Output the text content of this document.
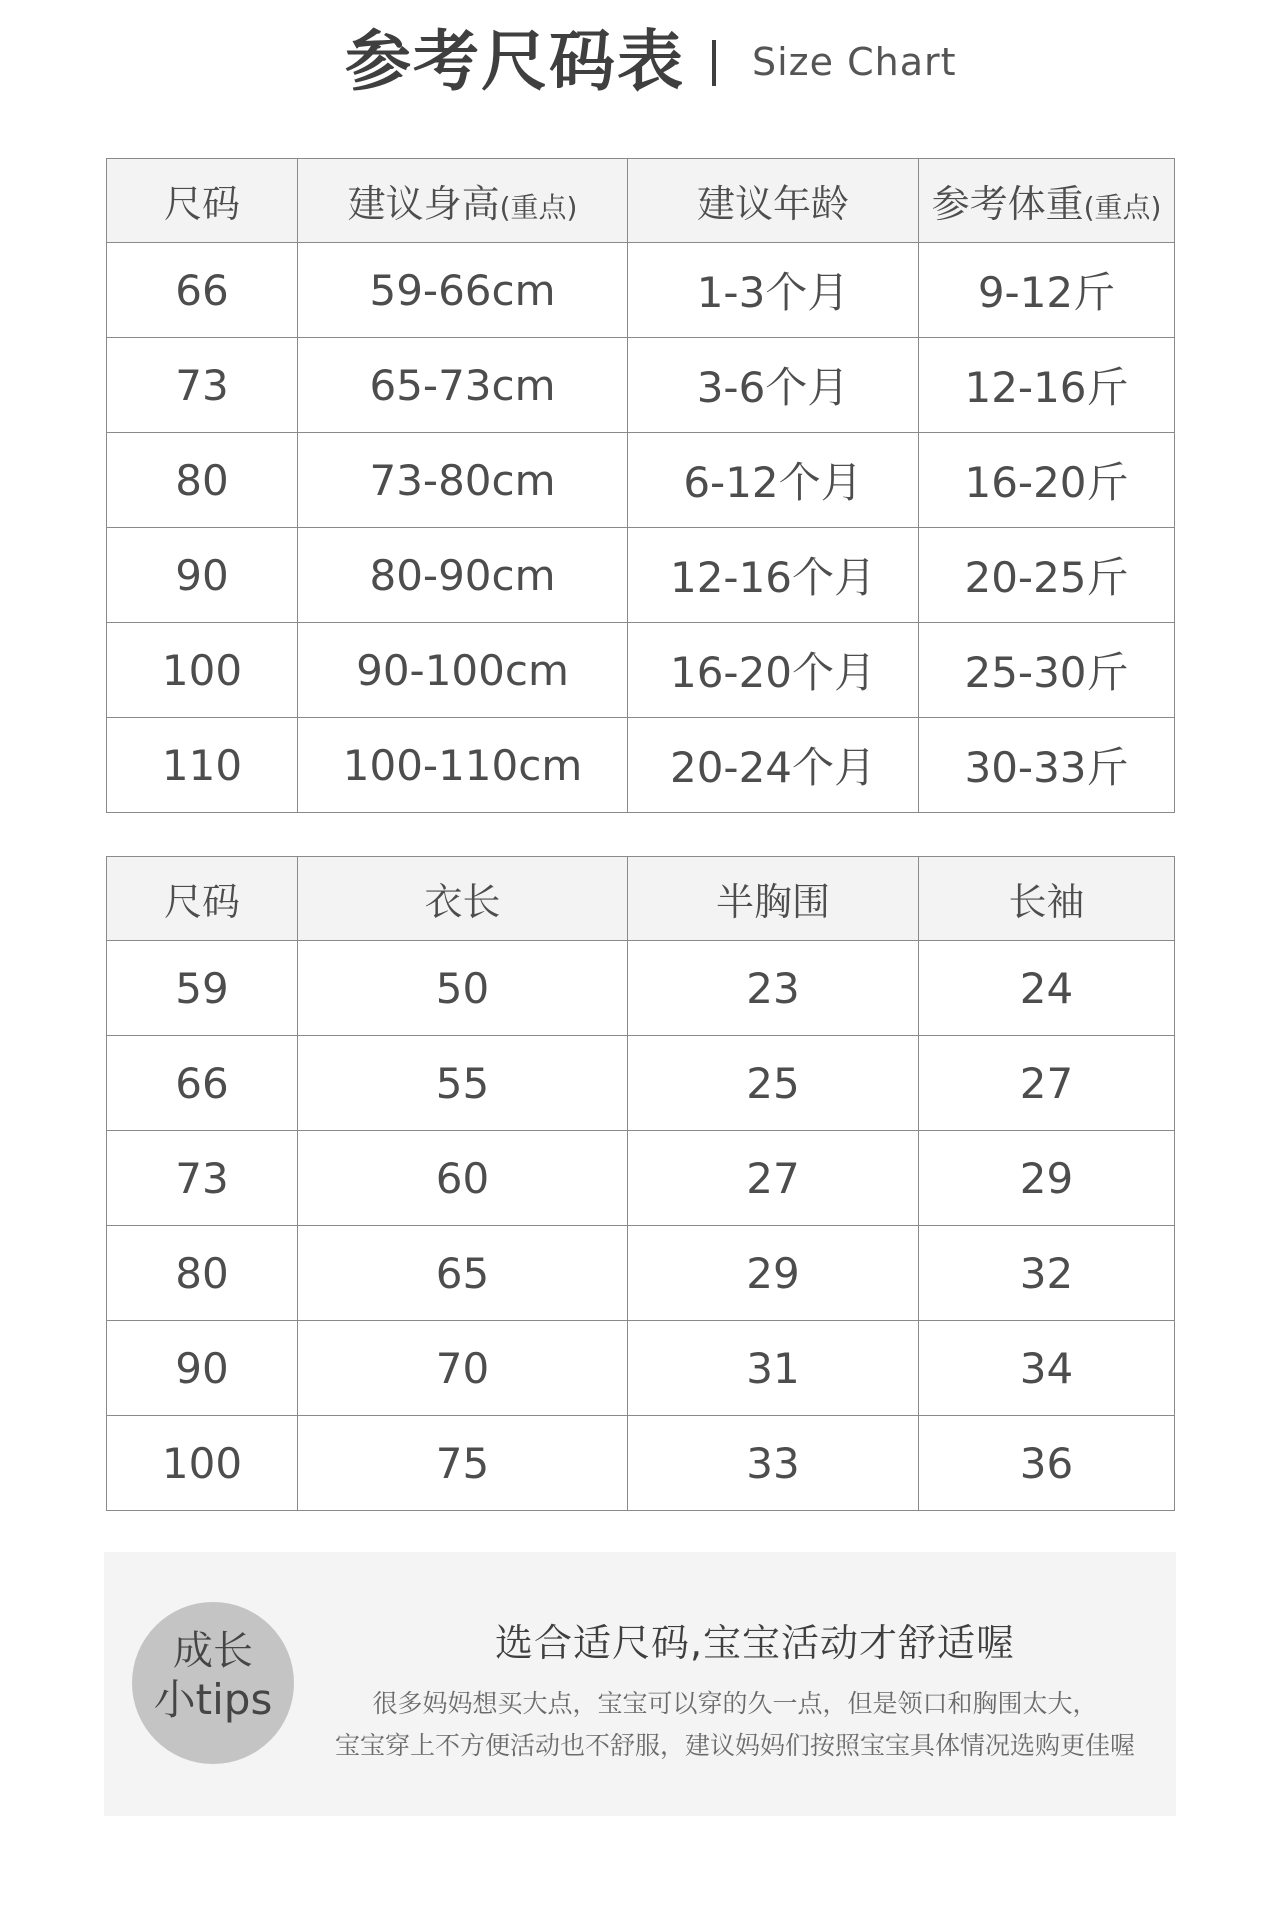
参考尺码表 Size Chart
尺码	建议身高(重点)	建议年龄	参考体重(重点)
66	59-66cm	1-3个月	9-12斤
73	65-73cm	3-6个月	12-16斤
80	73-80cm	6-12个月	16-20斤
90	80-90cm	12-16个月	20-25斤
100	90-100cm	16-20个月	25-30斤
110	100-110cm	20-24个月	30-33斤
尺码	衣长	半胸围	长袖
59	50	23	24
66	55	25	27
73	60	27	29
80	65	29	32
90	70	31	34
100	75	33	36
成长
小tips
选合适尺码,宝宝活动才舒适喔
很多妈妈想买大点，宝宝可以穿的久一点，但是领口和胸围太大，
宝宝穿上不方便活动也不舒服，建议妈妈们按照宝宝具体情况选购更佳喔
